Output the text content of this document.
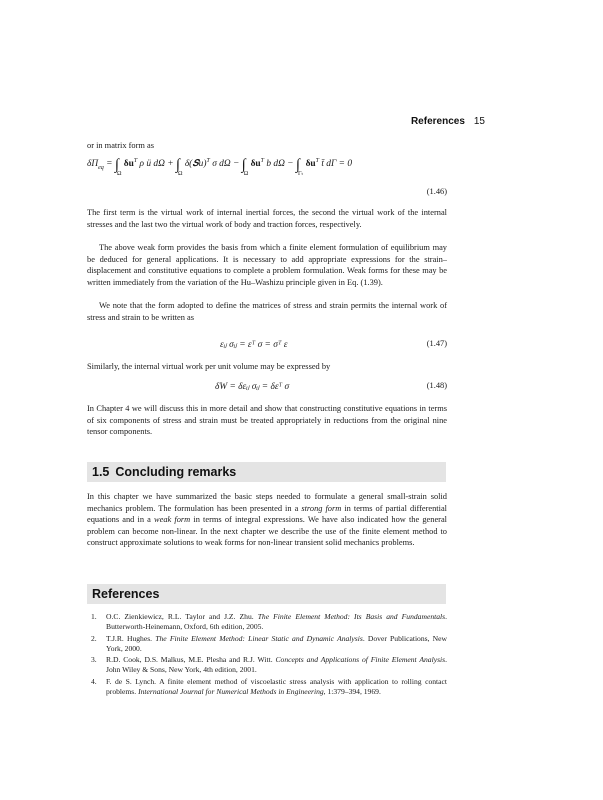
References 15
or in matrix form as
$\delta\Pi_{eq} = \int_\Omega$ $\delta u^T$ ρ ü $d\Omega + \int_\Omega$ δ(𝑺u)$^T$ σ $d\Omega - \int_\Omega$ $\delta u^T$ b $d\Omega - \int_{\Gamma_t}$ $\delta u^T$ t̄ dΓ = 0
(1.46)
The first term is the virtual work of internal inertial forces, the second the virtual work of the internal stresses and the last two the virtual work of body and traction forces, respectively.
The above weak form provides the basis from which a finite element formulation of equilibrium may be deduced for general applications. It is necessary to add appropriate expressions for the strain–displacement and constitutive equations to complete a problem formulation. Weak forms for these may be written immediately from the variation of the Hu–Washizu principle given in Eq. (1.39).
We note that the form adopted to define the matrices of stress and strain permits the internal work of stress and strain to be written as
εᵢⱼ σᵢⱼ = εᵀ σ = σᵀ ε	(1.47)
Similarly, the internal virtual work per unit volume may be expressed by
δW = δεᵢⱼ σᵢⱼ = δεᵀ σ	(1.48)
In Chapter 4 we will discuss this in more detail and show that constructing constitutive equations in terms of six components of stress and strain must be treated appropriately in reductions from the original nine tensor components.
1.5 Concluding remarks
In this chapter we have summarized the basic steps needed to formulate a general small-strain solid mechanics problem. The formulation has been presented in a strong form in terms of partial differential equations and in a weak form in terms of integral expressions. We have also indicated how the general problem can become non-linear. In the next chapter we describe the use of the finite element method to construct approximate solutions to weak forms for non-linear transient solid mechanics problems.
References
1. O.C. Zienkiewicz, R.L. Taylor and J.Z. Zhu. The Finite Element Method: Its Basis and Fundamentals. Butterworth-Heinemann, Oxford, 6th edition, 2005.
2. T.J.R. Hughes. The Finite Element Method: Linear Static and Dynamic Analysis. Dover Publications, New York, 2000.
3. R.D. Cook, D.S. Malkus, M.E. Plesha and R.J. Witt. Concepts and Applications of Finite Element Analysis. John Wiley & Sons, New York, 4th edition, 2001.
4. F. de S. Lynch. A finite element method of viscoelastic stress analysis with application to rolling contact problems. International Journal for Numerical Methods in Engineering, 1:379–394, 1969.
